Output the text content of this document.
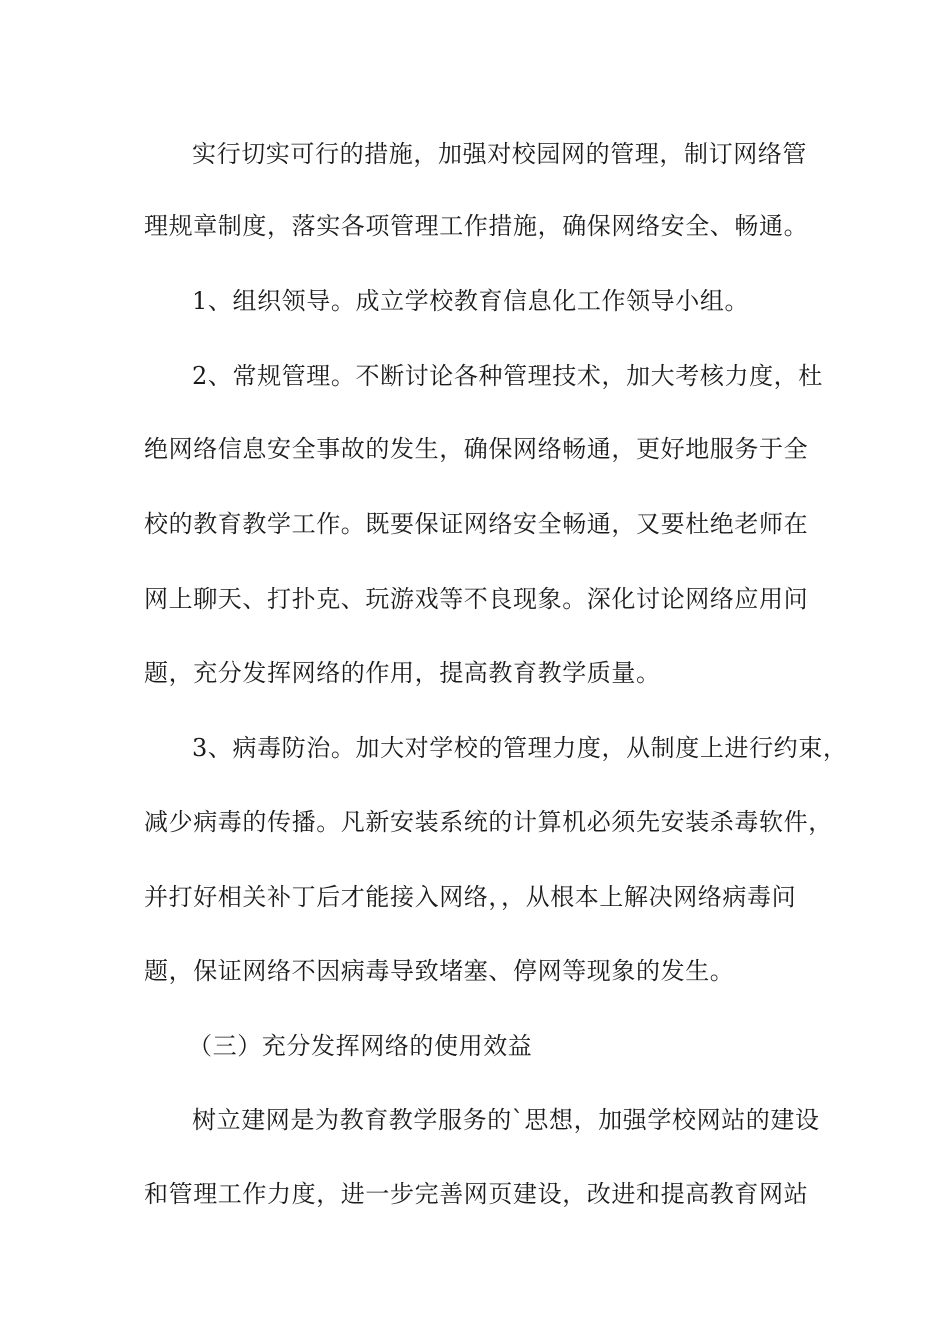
实行切实可行的措施，加强对校园网的管理，制订网络管
理规章制度，落实各项管理工作措施，确保网络安全、畅通。
1、组织领导。成立学校教育信息化工作领导小组。
2、常规管理。不断讨论各种管理技术，加大考核力度，杜
绝网络信息安全事故的发生，确保网络畅通，更好地服务于全
校的教育教学工作。既要保证网络安全畅通，又要杜绝老师在
网上聊天、打扑克、玩游戏等不良现象。深化讨论网络应用问
题，充分发挥网络的作用，提高教育教学质量。
3、病毒防治。加大对学校的管理力度，从制度上进行约束，
减少病毒的传播。凡新安装系统的计算机必须先安装杀毒软件，
并打好相关补丁后才能接入网络，，从根本上解决网络病毒问
题，保证网络不因病毒导致堵塞、停网等现象的发生。
（三）充分发挥网络的使用效益
树立建网是为教育教学服务的`思想，加强学校网站的建设
和管理工作力度，进一步完善网页建设，改进和提高教育网站
